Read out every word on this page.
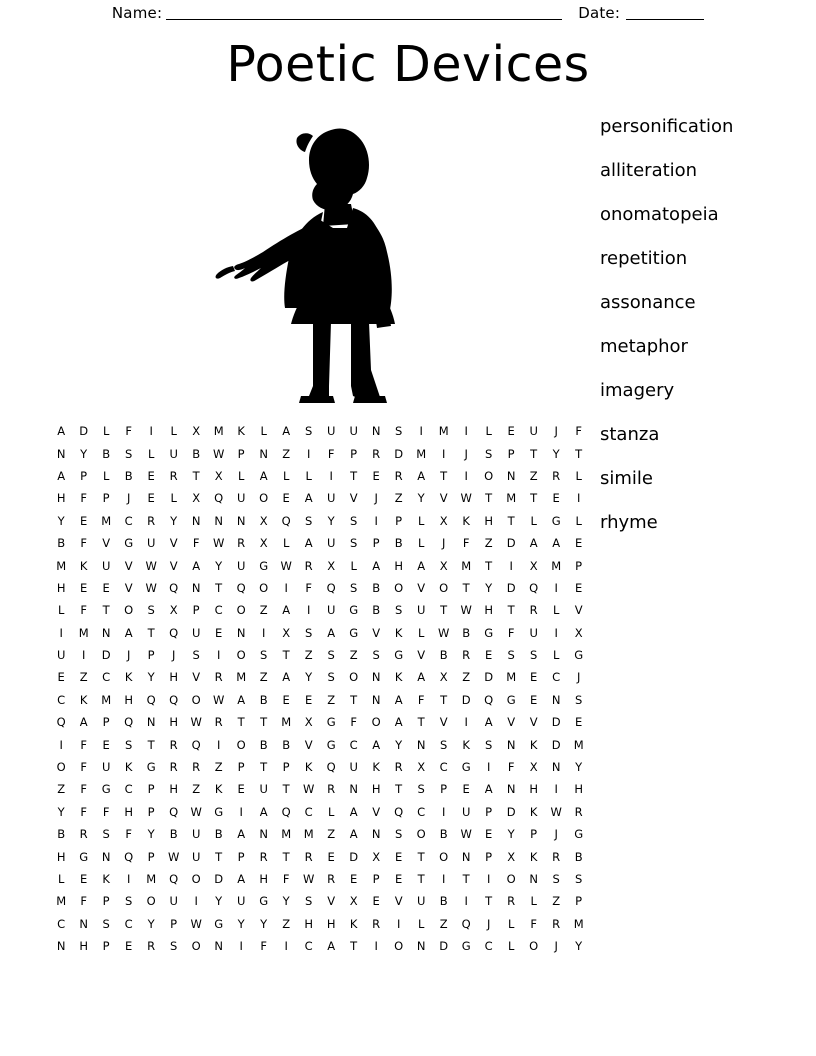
Name:	Date:
Poetic Devices
personification
alliteration
onomatopeia
repetition
assonance
metaphor
imagery
stanza
simile
rhyme
A	D	L	F	I	L	X	M	K	L	A	S	U	U	N	S	I	M	I	L	E	U	J	F
N	Y	B	S	L	U	B	W	P	N	Z	I	F	P	R	D	M	I	J	S	P	T	Y	T
A	P	L	B	E	R	T	X	L	A	L	L	I	T	E	R	A	T	I	O	N	Z	R	L
H	F	P	J	E	L	X	Q	U	O	E	A	U	V	J	Z	Y	V	W	T	M	T	E	I
Y	E	M	C	R	Y	N	N	N	X	Q	S	Y	S	I	P	L	X	K	H	T	L	G	L
B	F	V	G	U	V	F	W	R	X	L	A	U	S	P	B	L	J	F	Z	D	A	A	E
M	K	U	V	W	V	A	Y	U	G	W	R	X	L	A	H	A	X	M	T	I	X	M	P
H	E	E	V	W	Q	N	T	Q	O	I	F	Q	S	B	O	V	O	T	Y	D	Q	I	E
L	F	T	O	S	X	P	C	O	Z	A	I	U	G	B	S	U	T	W	H	T	R	L	V
I	M	N	A	T	Q	U	E	N	I	X	S	A	G	V	K	L	W	B	G	F	U	I	X
U	I	D	J	P	J	S	I	O	S	T	Z	S	Z	S	G	V	B	R	E	S	S	L	G
E	Z	C	K	Y	H	V	R	M	Z	A	Y	S	O	N	K	A	X	Z	D	M	E	C	J
C	K	M	H	Q	Q	O	W	A	B	E	E	Z	T	N	A	F	T	D	Q	G	E	N	S
Q	A	P	Q	N	H	W	R	T	T	M	X	G	F	O	A	T	V	I	A	V	V	D	E
I	F	E	S	T	R	Q	I	O	B	B	V	G	C	A	Y	N	S	K	S	N	K	D	M
O	F	U	K	G	R	R	Z	P	T	P	K	Q	U	K	R	X	C	G	I	F	X	N	Y
Z	F	G	C	P	H	Z	K	E	U	T	W	R	N	H	T	S	P	E	A	N	H	I	H
Y	F	F	H	P	Q	W	G	I	A	Q	C	L	A	V	Q	C	I	U	P	D	K	W	R
B	R	S	F	Y	B	U	B	A	N	M	M	Z	A	N	S	O	B	W	E	Y	P	J	G
H	G	N	Q	P	W	U	T	P	R	T	R	E	D	X	E	T	O	N	P	X	K	R	B
L	E	K	I	M	Q	O	D	A	H	F	W	R	E	P	E	T	I	T	I	O	N	S	S
M	F	P	S	O	U	I	Y	U	G	Y	S	V	X	E	V	U	B	I	T	R	L	Z	P
C	N	S	C	Y	P	W	G	Y	Y	Z	H	H	K	R	I	L	Z	Q	J	L	F	R	M
N	H	P	E	R	S	O	N	I	F	I	C	A	T	I	O	N	D	G	C	L	O	J	Y
